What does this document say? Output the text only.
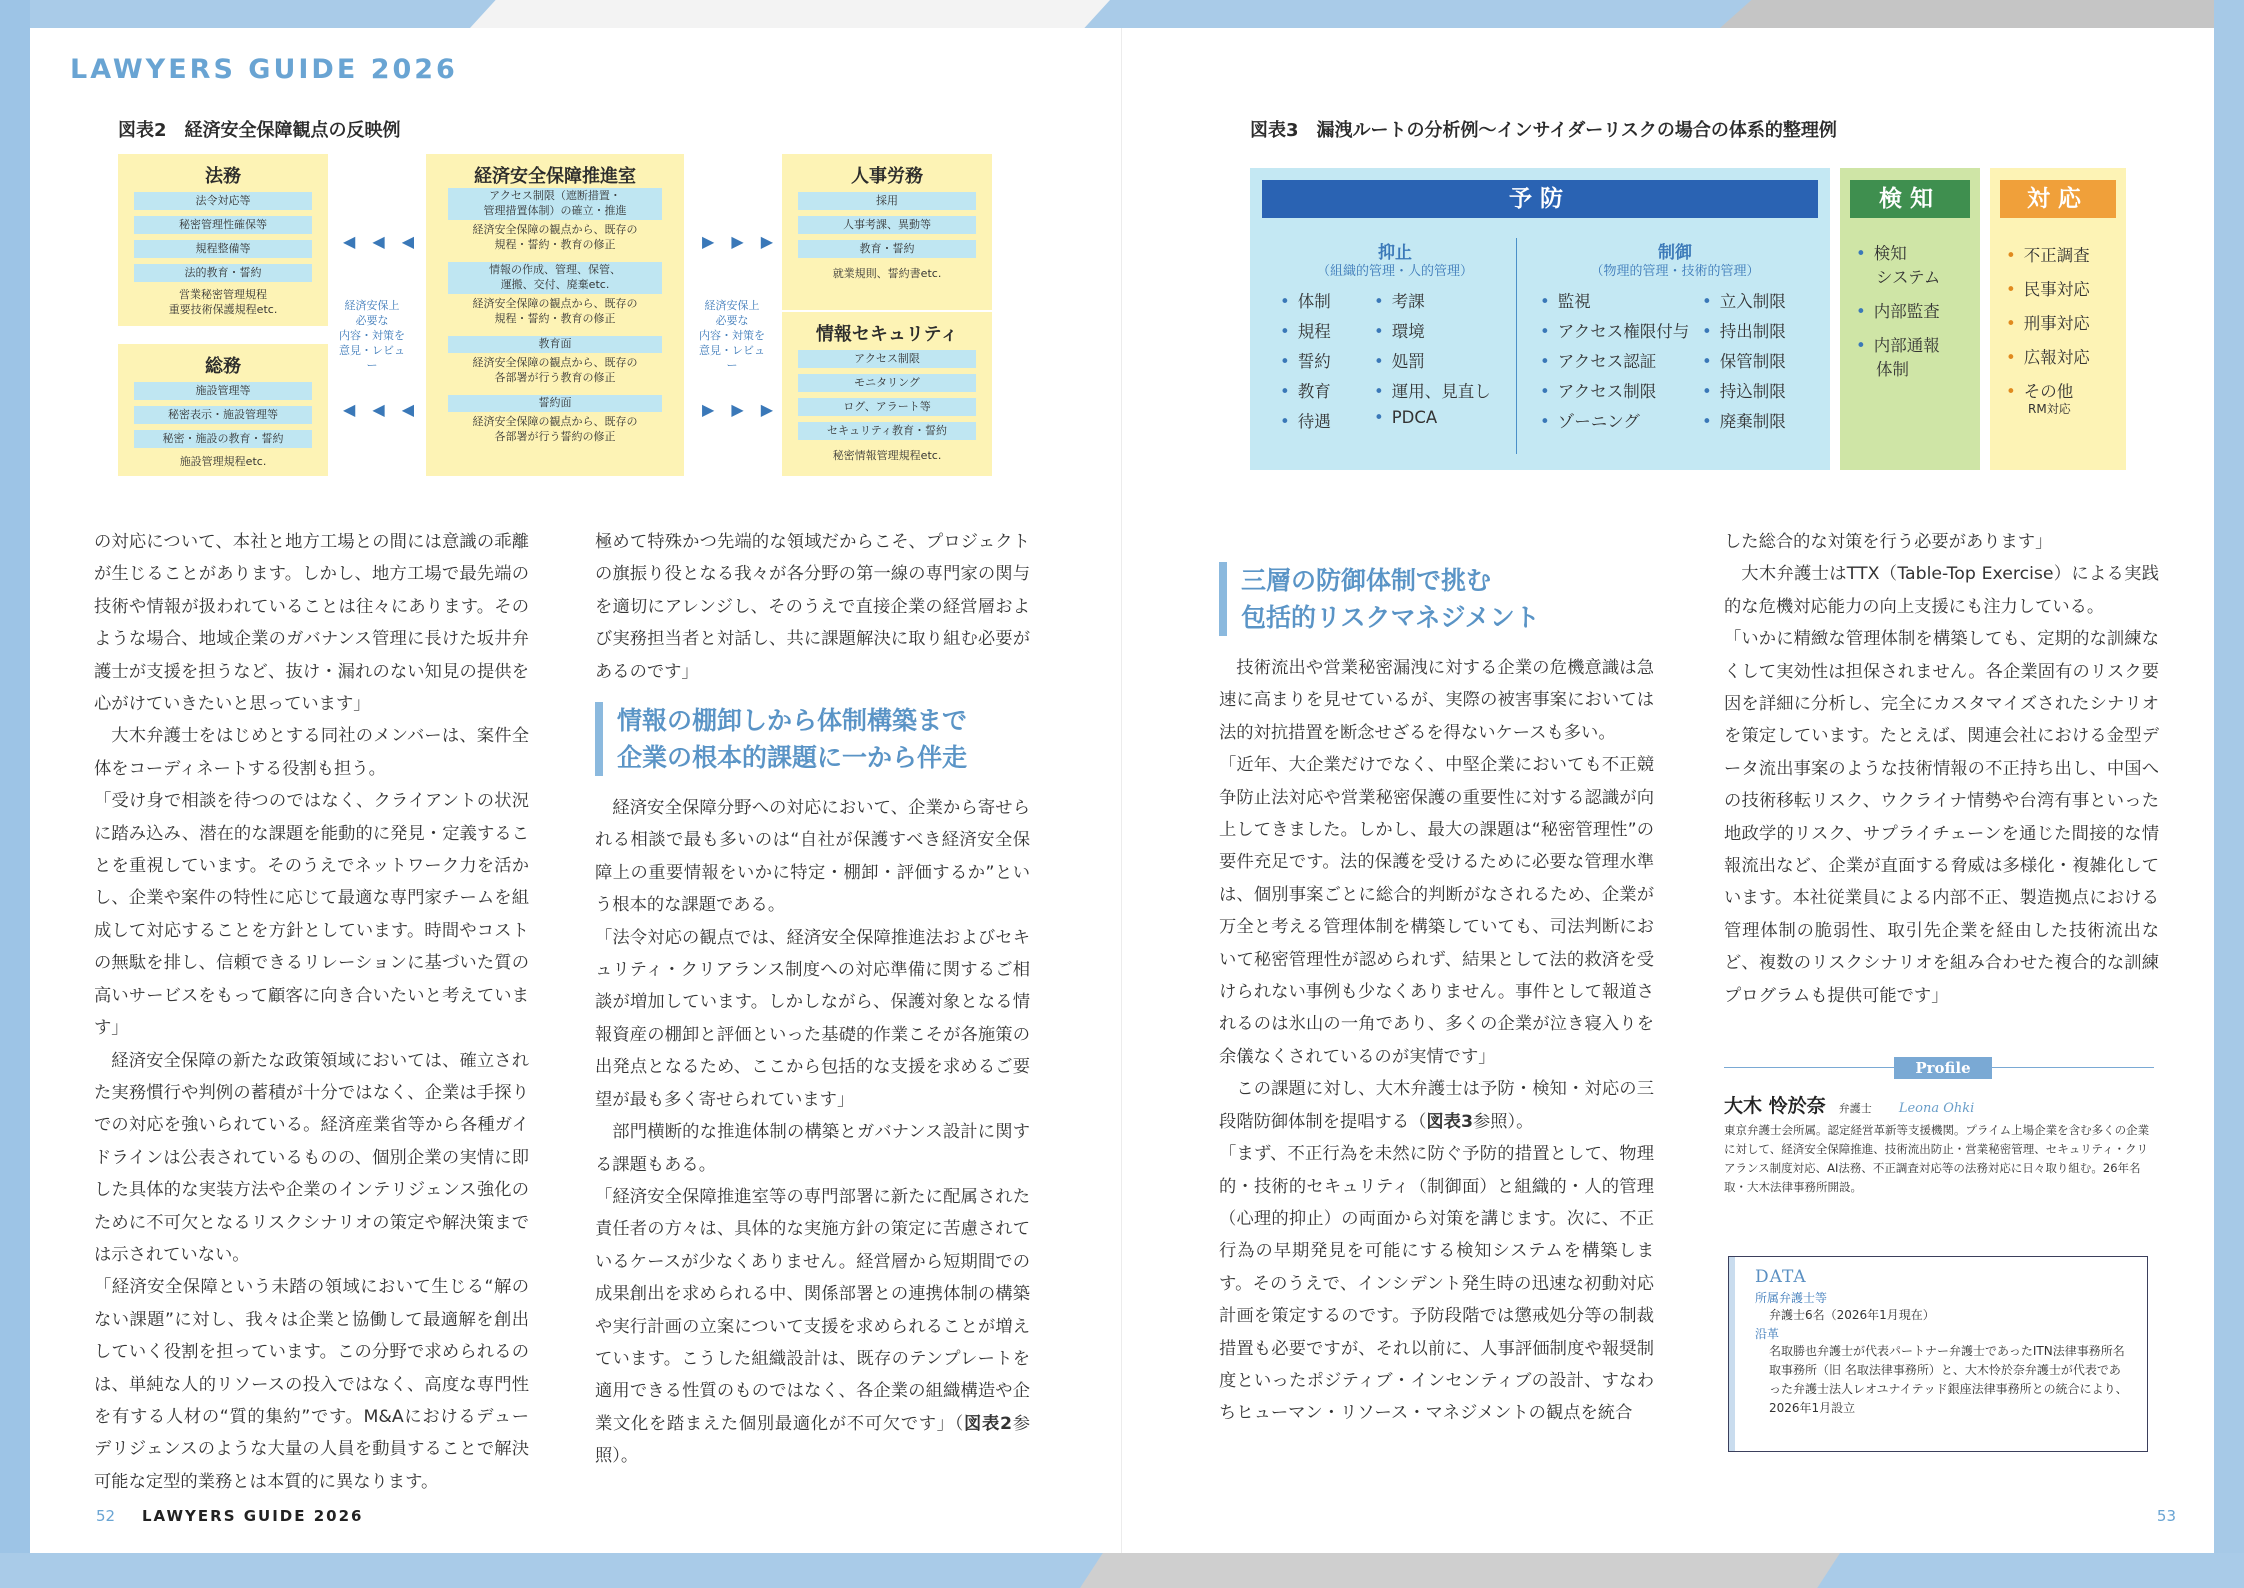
LAWYERS GUIDE 2026
図表2　経済安全保障観点の反映例
法務
法令対応等
秘密管理性確保等
規程整備等
法的教育・誓約
営業秘密管理規程
重要技術保護規程etc.
総務
施設管理等
秘密表示・施設管理等
秘密・施設の教育・誓約
施設管理規程etc.
◀ ◀ ◀
経済安保上
必要な
内容・対策を
意見・レビュー
◀ ◀ ◀
経済安全保障推進室
アクセス制限（遮断措置・
管理措置体制）の確立・推進
経済安全保障の観点から、既存の
規程・誓約・教育の修正
情報の作成、管理、保管、
運搬、交付、廃棄etc.
経済安全保障の観点から、既存の
規程・誓約・教育の修正
教育面
経済安全保障の観点から、既存の
各部署が行う教育の修正
誓約面
経済安全保障の観点から、既存の
各部署が行う誓約の修正
▶ ▶ ▶
経済安保上
必要な
内容・対策を
意見・レビュー
▶ ▶ ▶
人事労務
採用
人事考課、異動等
教育・誓約
就業規則、誓約書etc.
情報セキュリティ
アクセス制限
モニタリング
ログ、アラート等
セキュリティ教育・誓約
秘密情報管理規程etc.

の対応について、本社と地方工場との間には意識の乖離が生じることがあります。しかし、地方工場で最先端の技術や情報が扱われていることは往々にあります。そのような場合、地域企業のガバナンス管理に長けた坂井弁護士が支援を担うなど、抜け・漏れのない知見の提供を心がけていきたいと思っています」

大木弁護士をはじめとする同社のメンバーは、案件全体をコーディネートする役割も担う。

「受け身で相談を待つのではなく、クライアントの状況に踏み込み、潜在的な課題を能動的に発見・定義することを重視しています。そのうえでネットワーク力を活かし、企業や案件の特性に応じて最適な専門家チームを組成して対応することを方針としています。時間やコストの無駄を排し、信頼できるリレーションに基づいた質の高いサービスをもって顧客に向き合いたいと考えています」

経済安全保障の新たな政策領域においては、確立された実務慣行や判例の蓄積が十分ではなく、企業は手探りでの対応を強いられている。経済産業省等から各種ガイドラインは公表されているものの、個別企業の実情に即した具体的な実装方法や企業のインテリジェンス強化のために不可欠となるリスクシナリオの策定や解決策までは示されていない。

「経済安全保障という未踏の領域において生じる“解のない課題”に対し、我々は企業と協働して最適解を創出していく役割を担っています。この分野で求められるのは、単純な人的リソースの投入ではなく、高度な専門性を有する人材の“質的集約”です。M&Aにおけるデューデリジェンスのような大量の人員を動員することで解決可能な定型的業務とは本質的に異なります。

極めて特殊かつ先端的な領域だからこそ、プロジェクトの旗振り役となる我々が各分野の第一線の専門家の関与を適切にアレンジし、そのうえで直接企業の経営層および実務担当者と対話し、共に課題解決に取り組む必要があるのです」

情報の棚卸しから体制構築まで
企業の根本的課題に一から伴走

経済安全保障分野への対応において、企業から寄せられる相談で最も多いのは“自社が保護すべき経済安全保障上の重要情報をいかに特定・棚卸・評価するか”という根本的な課題である。

「法令対応の観点では、経済安全保障推進法およびセキュリティ・クリアランス制度への対応準備に関するご相談が増加しています。しかしながら、保護対象となる情報資産の棚卸と評価といった基礎的作業こそが各施策の出発点となるため、ここから包括的な支援を求めるご要望が最も多く寄せられています」

部門横断的な推進体制の構築とガバナンス設計に関する課題もある。

「経済安全保障推進室等の専門部署に新たに配属された責任者の方々は、具体的な実施方針の策定に苦慮されているケースが少なくありません。経営層から短期間での成果創出を求められる中、関係部署との連携体制の構築や実行計画の立案について支援を求められることが増えています。こうした組織設計は、既存のテンプレートを適用できる性質のものではなく、各企業の組織構造や企業文化を踏まえた個別最適化が不可欠です」（図表2参照）。

52 LAWYERS GUIDE 2026
図表3　漏洩ルートの分析例〜インサイダーリスクの場合の体系的整理例
予防
抑止
（組織的管理・人的管理）
制御
（物理的管理・技術的管理）
• 体制
• 規程
• 誓約
• 教育
• 待遇
• 考課
• 環境
• 処罰
• 運用、見直し
• PDCA
• 監視
• アクセス権限付与
• アクセス認証
• アクセス制限
• ゾーニング
• 立入制限
• 持出制限
• 保管制限
• 持込制限
• 廃棄制限
検知
• 検知
システム
• 内部監査
• 内部通報
体制
対応
• 不正調査
• 民事対応
• 刑事対応
• 広報対応
• その他
RM対応
三層の防御体制で挑む
包括的リスクマネジメント

技術流出や営業秘密漏洩に対する企業の危機意識は急速に高まりを見せているが、実際の被害事案においては法的対抗措置を断念せざるを得ないケースも多い。

「近年、大企業だけでなく、中堅企業においても不正競争防止法対応や営業秘密保護の重要性に対する認識が向上してきました。しかし、最大の課題は“秘密管理性”の要件充足です。法的保護を受けるために必要な管理水準は、個別事案ごとに総合的判断がなされるため、企業が万全と考える管理体制を構築していても、司法判断において秘密管理性が認められず、結果として法的救済を受けられない事例も少なくありません。事件として報道されるのは氷山の一角であり、多くの企業が泣き寝入りを余儀なくされているのが実情です」

この課題に対し、大木弁護士は予防・検知・対応の三段階防御体制を提唱する（図表3参照）。

「まず、不正行為を未然に防ぐ予防的措置として、物理的・技術的セキュリティ（制御面）と組織的・人的管理（心理的抑止）の両面から対策を講じます。次に、不正行為の早期発見を可能にする検知システムを構築します。そのうえで、インシデント発生時の迅速な初動対応計画を策定するのです。予防段階では懲戒処分等の制裁措置も必要ですが、それ以前に、人事評価制度や報奨制度といったポジティブ・インセンティブの設計、すなわちヒューマン・リソース・マネジメントの観点を統合

した総合的な対策を行う必要があります」

大木弁護士はTTX（Table-Top Exercise）による実践的な危機対応能力の向上支援にも注力している。

「いかに精緻な管理体制を構築しても、定期的な訓練なくして実効性は担保されません。各企業固有のリスク要因を詳細に分析し、完全にカスタマイズされたシナリオを策定しています。たとえば、関連会社における金型データ流出事案のような技術情報の不正持ち出し、中国への技術移転リスク、ウクライナ情勢や台湾有事といった地政学的リスク、サプライチェーンを通じた間接的な情報流出など、企業が直面する脅威は多様化・複雑化しています。本社従業員による内部不正、製造拠点における管理体制の脆弱性、取引先企業を経由した技術流出など、複数のリスクシナリオを組み合わせた複合的な訓練プログラムも提供可能です」

Profile
大木 怜於奈 弁護士 Leona Ohki
東京弁護士会所属。認定経営革新等支援機関。プライム上場企業を含む多くの企業に対して、経済安全保障推進、技術流出防止・営業秘密管理、セキュリティ・クリアランス制度対応、AI法務、不正調査対応等の法務対応に日々取り組む。26年名取・大木法律事務所開設。
DATA
所属弁護士等
弁護士6名（2026年1月現在）
沿革
名取勝也弁護士が代表パートナー弁護士であったITN法律事務所名取事務所（旧 名取法律事務所）と、大木怜於奈弁護士が代表であった弁護士法人レオユナイテッド銀座法律事務所との統合により、2026年1月設立
53
